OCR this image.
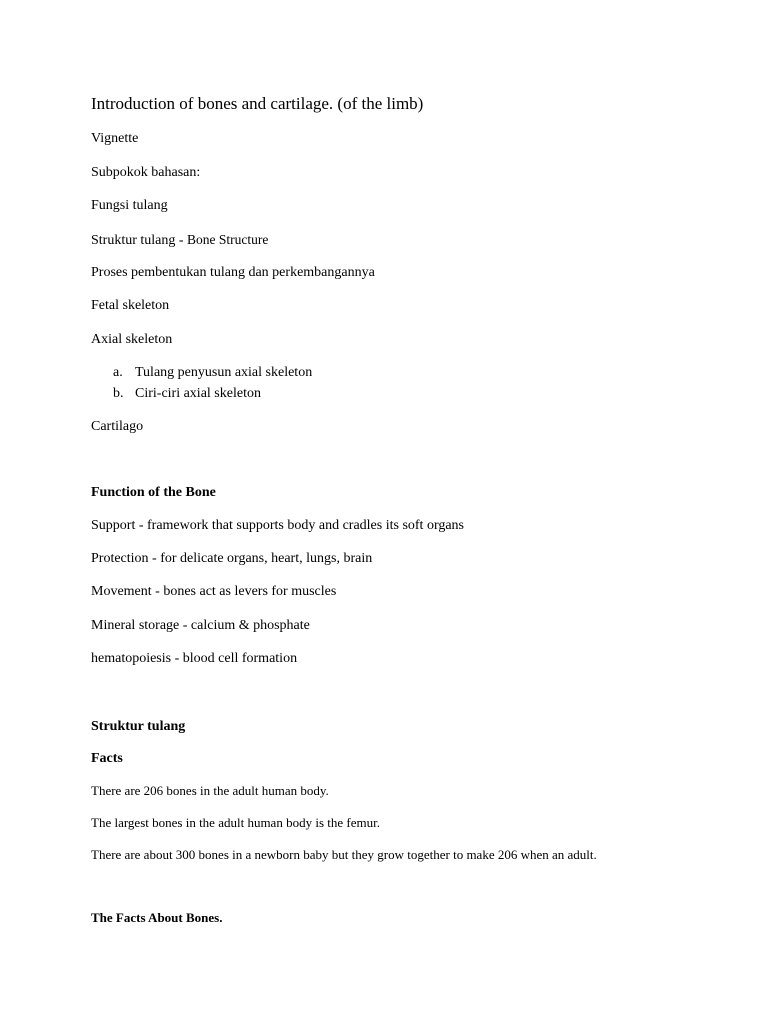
Introduction of bones and cartilage. (of the limb)
Vignette
Subpokok bahasan:
Fungsi tulang
Struktur tulang - Bone Structure
Proses pembentukan tulang dan perkembangannya
Fetal skeleton
Axial skeleton
a. Tulang penyusun axial skeleton
b. Ciri-ciri axial skeleton
Cartilago
Function of the Bone
Support - framework that supports body and cradles its soft organs
Protection - for delicate organs, heart, lungs, brain
Movement - bones act as levers for muscles
Mineral storage - calcium & phosphate
hematopoiesis - blood cell formation
Struktur tulang
Facts
There are 206 bones in the adult human body.
The largest bones in the adult human body is the femur.
There are about 300 bones in a newborn baby but they grow together to make 206 when an adult.
The Facts About Bones.
